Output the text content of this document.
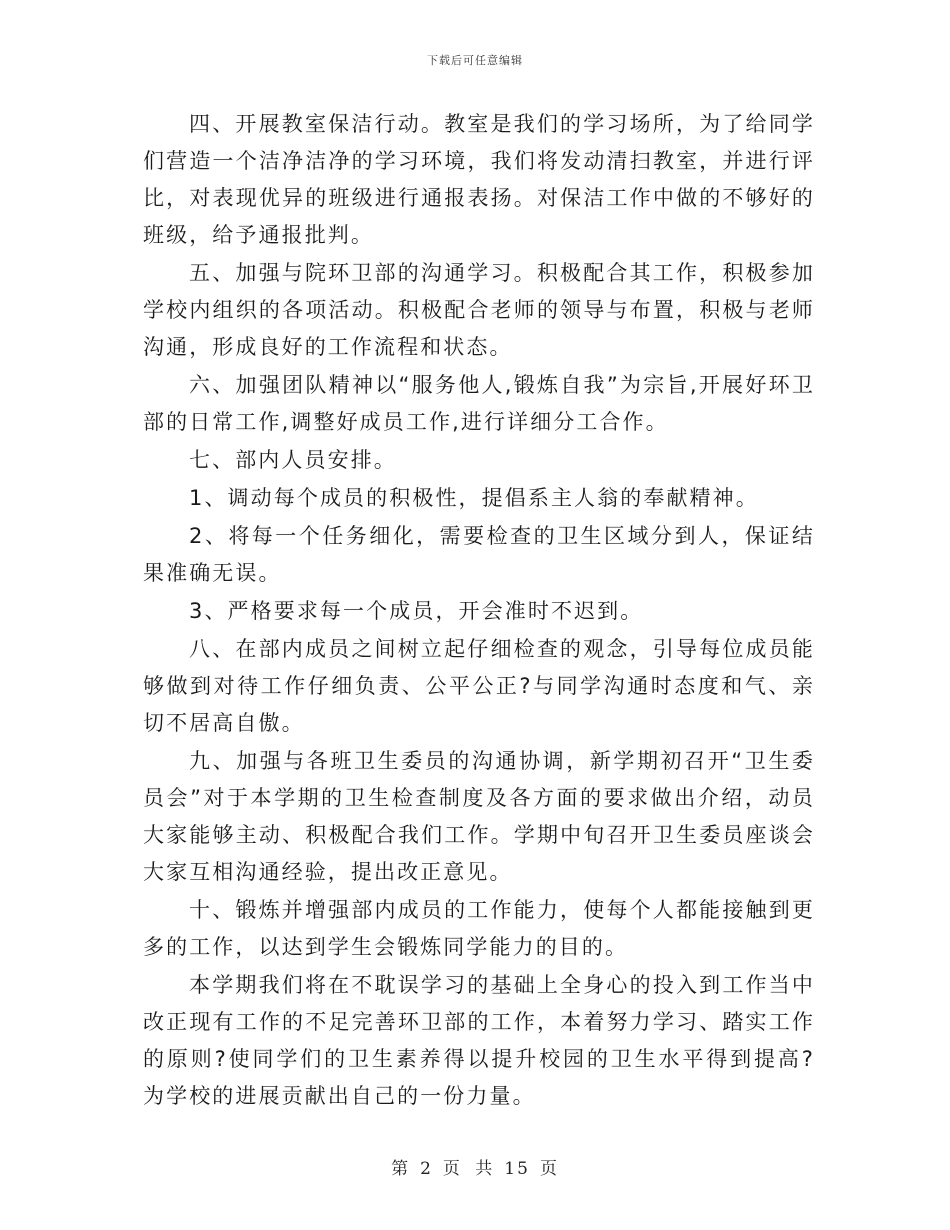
下载后可任意编辑

四、开展教室保洁行动。教室是我们的学习场所，为了给同学们营造一个洁净洁净的学习环境，我们将发动清扫教室，并进行评比，对表现优异的班级进行通报表扬。对保洁工作中做的不够好的班级，给予通报批判。

五、加强与院环卫部的沟通学习。积极配合其工作，积极参加学校内组织的各项活动。积极配合老师的领导与布置，积极与老师沟通，形成良好的工作流程和状态。

六、加强团队精神以“服务他人,锻炼自我”为宗旨,开展好环卫部的日常工作,调整好成员工作,进行详细分工合作。

七、部内人员安排。

1、调动每个成员的积极性，提倡系主人翁的奉献精神。

2、将每一个任务细化，需要检查的卫生区域分到人，保证结果准确无误。

3、严格要求每一个成员，开会准时不迟到。

八、在部内成员之间树立起仔细检查的观念，引导每位成员能够做到对待工作仔细负责、公平公正?与同学沟通时态度和气、亲切不居高自傲。

九、加强与各班卫生委员的沟通协调，新学期初召开“卫生委员会”对于本学期的卫生检查制度及各方面的要求做出介绍，动员大家能够主动、积极配合我们工作。学期中旬召开卫生委员座谈会大家互相沟通经验，提出改正意见。

十、锻炼并增强部内成员的工作能力，使每个人都能接触到更多的工作，以达到学生会锻炼同学能力的目的。

本学期我们将在不耽误学习的基础上全身心的投入到工作当中改正现有工作的不足完善环卫部的工作，本着努力学习、踏实工作的原则?使同学们的卫生素养得以提升校园的卫生水平得到提高?为学校的进展贡献出自己的一份力量。

第 2 页 共 15 页
